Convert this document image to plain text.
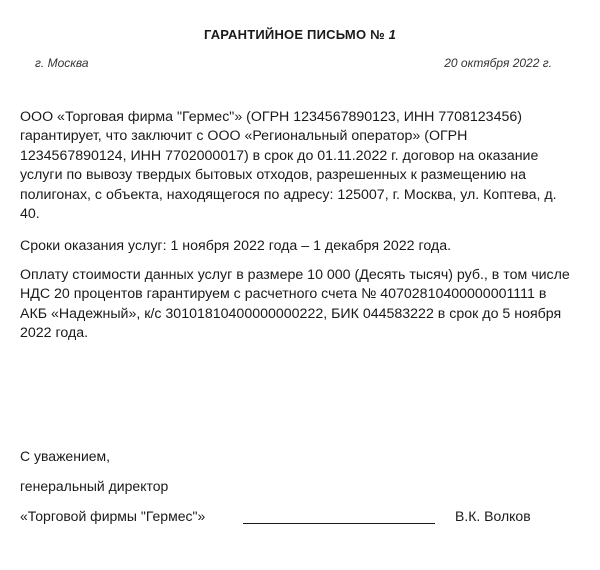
ГАРАНТИЙНОЕ ПИСЬМО № 1
г. Москва	20 октября 2022 г.

ООО «Торговая фирма "Гермес"» (ОГРН 1234567890123, ИНН 7708123456) гарантирует, что заключит с ООО «Региональный оператор» (ОГРН 1234567890124, ИНН 7702000017) в срок до 01.11.2022 г. договор на оказание услуги по вывозу твердых бытовых отходов, разрешенных к размещению на полигонах, с объекта, находящегося по адресу: 125007, г. Москва, ул. Коптева, д. 40.

Сроки оказания услуг: 1 ноября 2022 года – 1 декабря 2022 года.

Оплату стоимости данных услуг в размере 10 000 (Десять тысяч) руб., в том числе НДС 20 процентов гарантируем с расчетного счета № 40702810400000001111 в АКБ «Надежный», к/с 30101810400000000222, БИК 044583222 в срок до 5 ноября 2022 года.

С уважением,
генеральный директор
«Торговой фирмы "Гермес"»	В.К. Волков
